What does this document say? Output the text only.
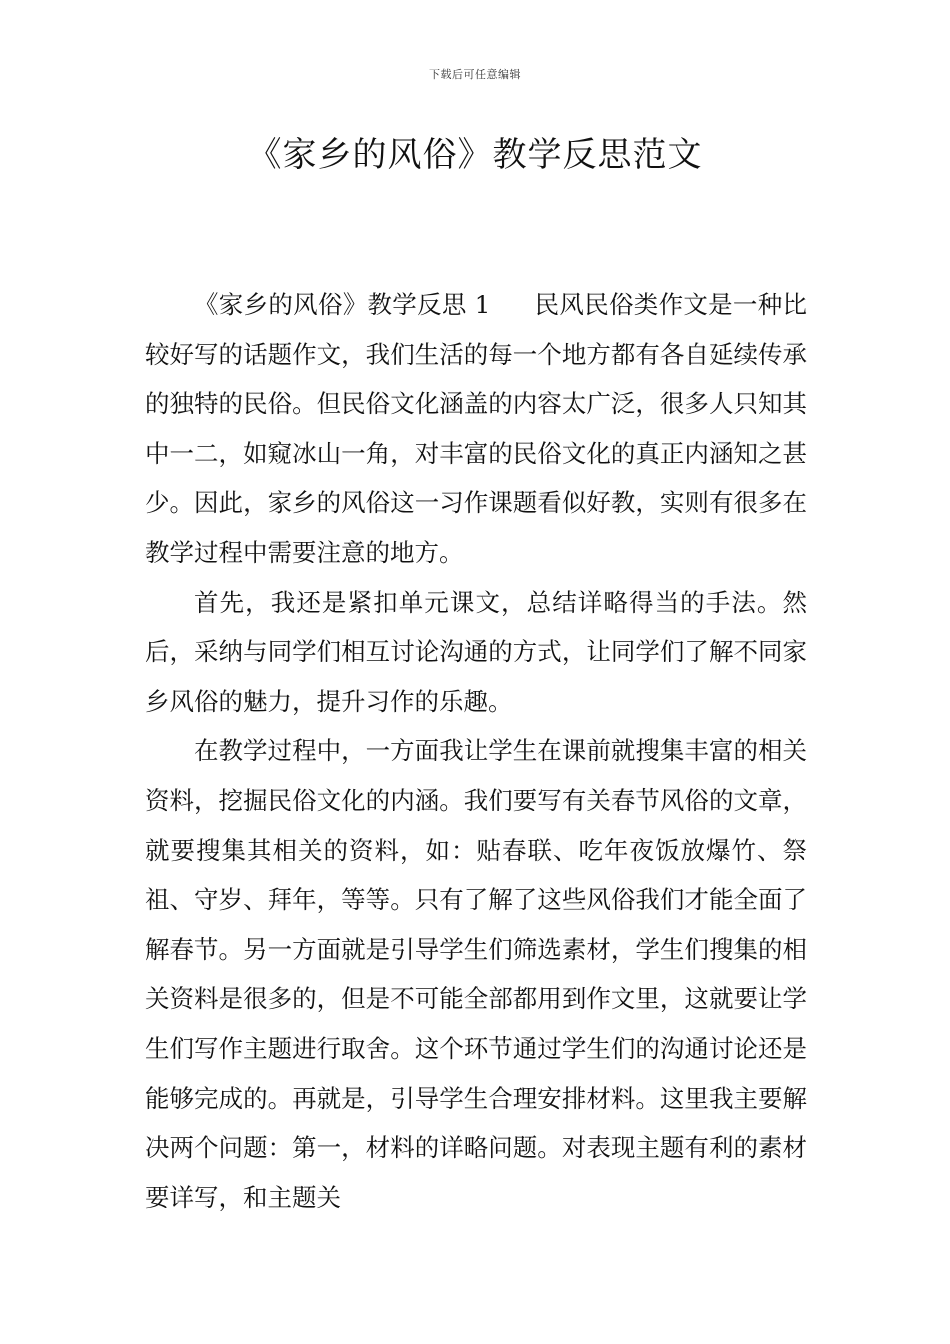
下载后可任意编辑
《家乡的风俗》教学反思范文

《家乡的风俗》教学反思 1 民风民俗类作文是一种比较好写的话题作文，我们生活的每一个地方都有各自延续传承的独特的民俗。但民俗文化涵盖的内容太广泛，很多人只知其中一二，如窥冰山一角，对丰富的民俗文化的真正内涵知之甚少。因此，家乡的风俗这一习作课题看似好教，实则有很多在教学过程中需要注意的地方。

首先，我还是紧扣单元课文，总结详略得当的手法。然后，采纳与同学们相互讨论沟通的方式，让同学们了解不同家乡风俗的魅力，提升习作的乐趣。

在教学过程中，一方面我让学生在课前就搜集丰富的相关资料，挖掘民俗文化的内涵。我们要写有关春节风俗的文章，就要搜集其相关的资料，如：贴春联、吃年夜饭放爆竹、祭祖、守岁、拜年，等等。只有了解了这些风俗我们才能全面了解春节。另一方面就是引导学生们筛选素材，学生们搜集的相关资料是很多的，但是不可能全部都用到作文里，这就要让学生们写作主题进行取舍。这个环节通过学生们的沟通讨论还是能够完成的。再就是，引导学生合理安排材料。这里我主要解决两个问题：第一，材料的详略问题。对表现主题有利的素材要详写，和主题关
